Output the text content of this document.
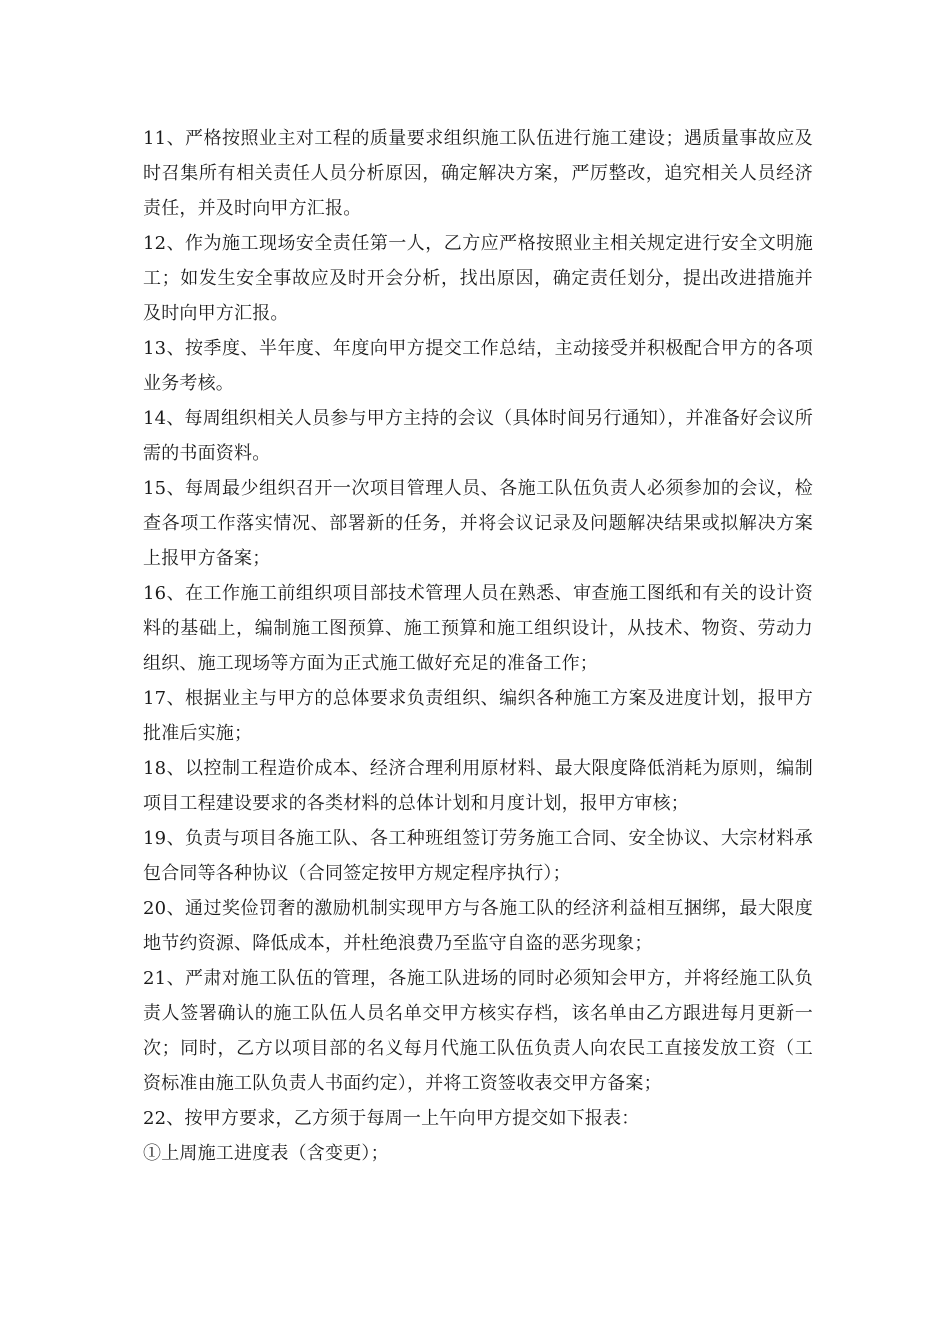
11、严格按照业主对工程的质量要求组织施工队伍进行施工建设；遇质量事故应及时召集所有相关责任人员分析原因，确定解决方案，严厉整改，追究相关人员经济责任，并及时向甲方汇报。

12、作为施工现场安全责任第一人，乙方应严格按照业主相关规定进行安全文明施工；如发生安全事故应及时开会分析，找出原因，确定责任划分，提出改进措施并及时向甲方汇报。

13、按季度、半年度、年度向甲方提交工作总结，主动接受并积极配合甲方的各项业务考核。

14、每周组织相关人员参与甲方主持的会议（具体时间另行通知），并准备好会议所需的书面资料。

15、每周最少组织召开一次项目管理人员、各施工队伍负责人必须参加的会议，检查各项工作落实情况、部署新的任务，并将会议记录及问题解决结果或拟解决方案上报甲方备案；

16、在工作施工前组织项目部技术管理人员在熟悉、审查施工图纸和有关的设计资料的基础上，编制施工图预算、施工预算和施工组织设计，从技术、物资、劳动力组织、施工现场等方面为正式施工做好充足的准备工作；

17、根据业主与甲方的总体要求负责组织、编织各种施工方案及进度计划，报甲方批准后实施；

18、以控制工程造价成本、经济合理利用原材料、最大限度降低消耗为原则，编制项目工程建设要求的各类材料的总体计划和月度计划，报甲方审核；

19、负责与项目各施工队、各工种班组签订劳务施工合同、安全协议、大宗材料承包合同等各种协议（合同签定按甲方规定程序执行）；

20、通过奖俭罚奢的激励机制实现甲方与各施工队的经济利益相互捆绑，最大限度地节约资源、降低成本，并杜绝浪费乃至监守自盗的恶劣现象；

21、严肃对施工队伍的管理，各施工队进场的同时必须知会甲方，并将经施工队负责人签署确认的施工队伍人员名单交甲方核实存档，该名单由乙方跟进每月更新一次；同时，乙方以项目部的名义每月代施工队伍负责人向农民工直接发放工资（工资标准由施工队负责人书面约定），并将工资签收表交甲方备案；

22、按甲方要求，乙方须于每周一上午向甲方提交如下报表：

①上周施工进度表（含变更）；
